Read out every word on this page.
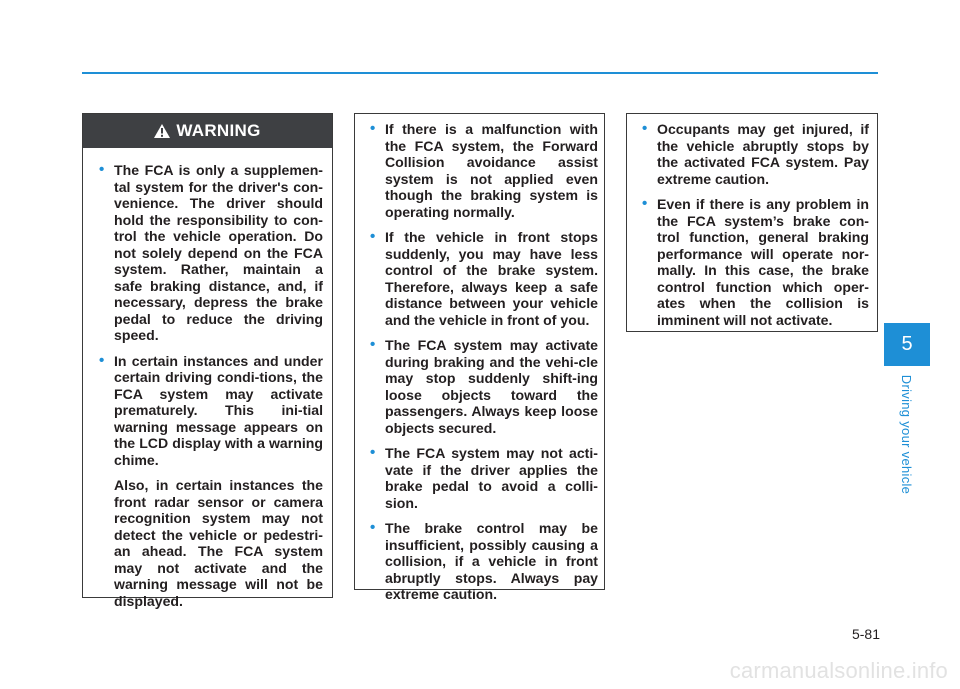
WARNING
• The FCA is only a supplemen-tal system for the driver's con-venience. The driver should hold the responsibility to con-trol the vehicle operation. Do not solely depend on the FCA system. Rather, maintain a safe braking distance, and, if necessary, depress the brake pedal to reduce the driving speed.

• In certain instances and under certain driving condi-tions, the FCA system may activate prematurely. This ini-tial warning message appears on the LCD display with a warning chime.

Also, in certain instances the front radar sensor or camera recognition system may not detect the vehicle or pedestri-an ahead. The FCA system may not activate and the warning message will not be displayed.

• If there is a malfunction with the FCA system, the Forward Collision avoidance assist system is not applied even though the braking system is operating normally.

• If the vehicle in front stops suddenly, you may have less control of the brake system. Therefore, always keep a safe distance between your vehicle and the vehicle in front of you.

• The FCA system may activate during braking and the vehi-cle may stop suddenly shift-ing loose objects toward the passengers. Always keep loose objects secured.

• The FCA system may not acti-vate if the driver applies the brake pedal to avoid a colli-sion.

• The brake control may be insufficient, possibly causing a collision, if a vehicle in front abruptly stops. Always pay extreme caution.

• Occupants may get injured, if the vehicle abruptly stops by the activated FCA system. Pay extreme caution.

• Even if there is any problem in the FCA system’s brake con-trol function, general braking performance will operate nor-mally. In this case, the brake control function which oper-ates when the collision is imminent will not activate.

5
Driving your vehicle
5-81
carmanualsonline.info
